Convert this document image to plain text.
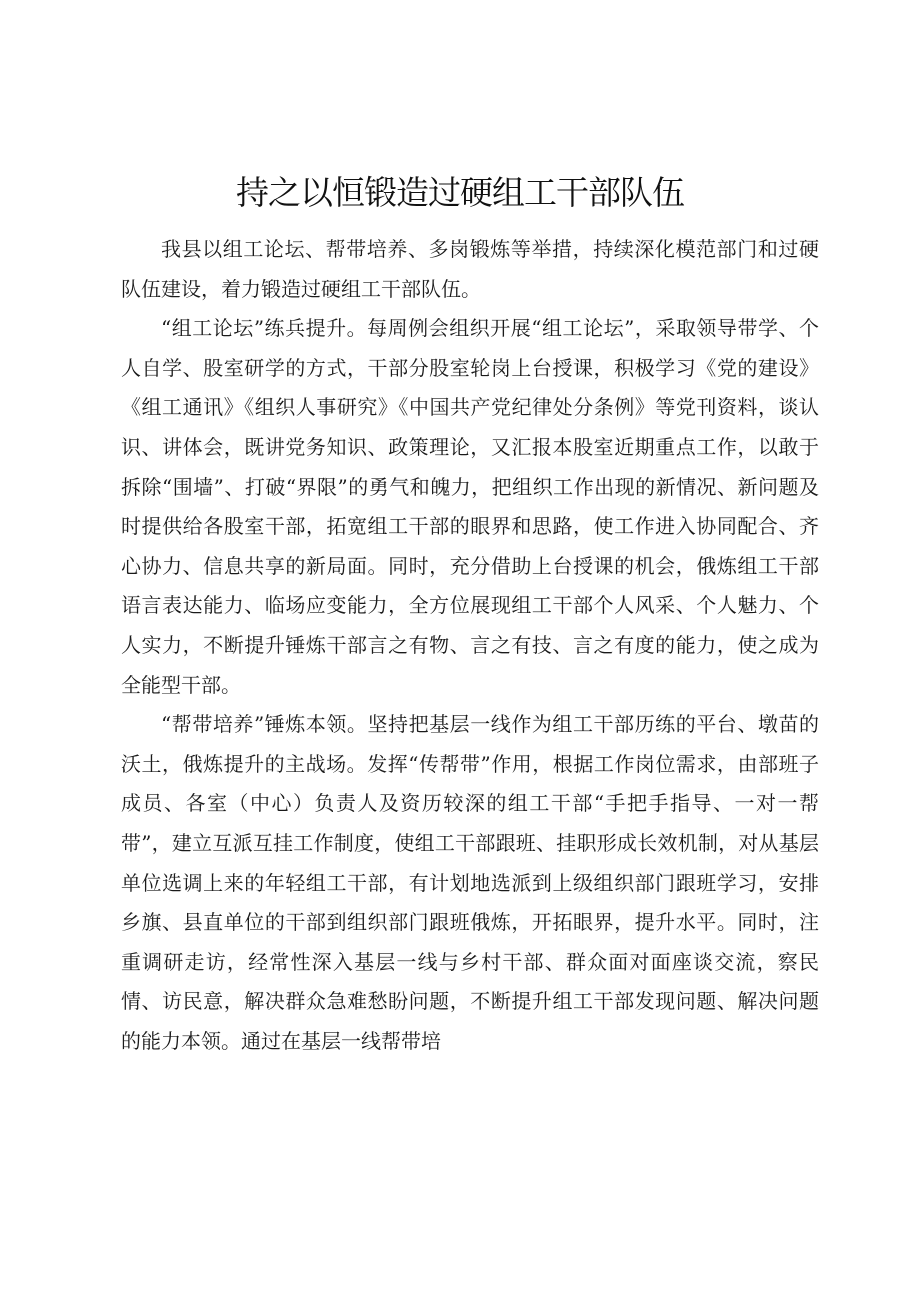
持之以恒锻造过硬组工干部队伍

我县以组工论坛、帮带培养、多岗锻炼等举措，持续深化模范部门和过硬队伍建设，着力锻造过硬组工干部队伍。

“组工论坛”练兵提升。每周例会组织开展“组工论坛”，采取领导带学、个人自学、股室研学的方式，干部分股室轮岗上台授课，积极学习《党的建设》《组工通讯》《组织人事研究》《中国共产党纪律处分条例》等党刊资料，谈认识、讲体会，既讲党务知识、政策理论，又汇报本股室近期重点工作，以敢于拆除“围墙”、打破“界限”的勇气和魄力，把组织工作出现的新情况、新问题及时提供给各股室干部，拓宽组工干部的眼界和思路，使工作进入协同配合、齐心协力、信息共享的新局面。同时，充分借助上台授课的机会，俄炼组工干部语言表达能力、临场应变能力，全方位展现组工干部个人风采、个人魅力、个人实力，不断提升锤炼干部言之有物、言之有技、言之有度的能力，使之成为全能型干部。

“帮带培养”锤炼本领。坚持把基层一线作为组工干部历练的平台、墩苗的沃土，俄炼提升的主战场。发挥“传帮带”作用，根据工作岗位需求，由部班子成员、各室（中心）负责人及资历较深的组工干部“手把手指导、一对一帮带”，建立互派互挂工作制度，使组工干部跟班、挂职形成长效机制，对从基层单位选调上来的年轻组工干部，有计划地选派到上级组织部门跟班学习，安排乡旗、县直单位的干部到组织部门跟班俄炼，开拓眼界，提升水平。同时，注重调研走访，经常性深入基层一线与乡村干部、群众面对面座谈交流，察民情、访民意，解决群众急难愁盼问题，不断提升组工干部发现问题、解决问题的能力本领。通过在基层一线帮带培
